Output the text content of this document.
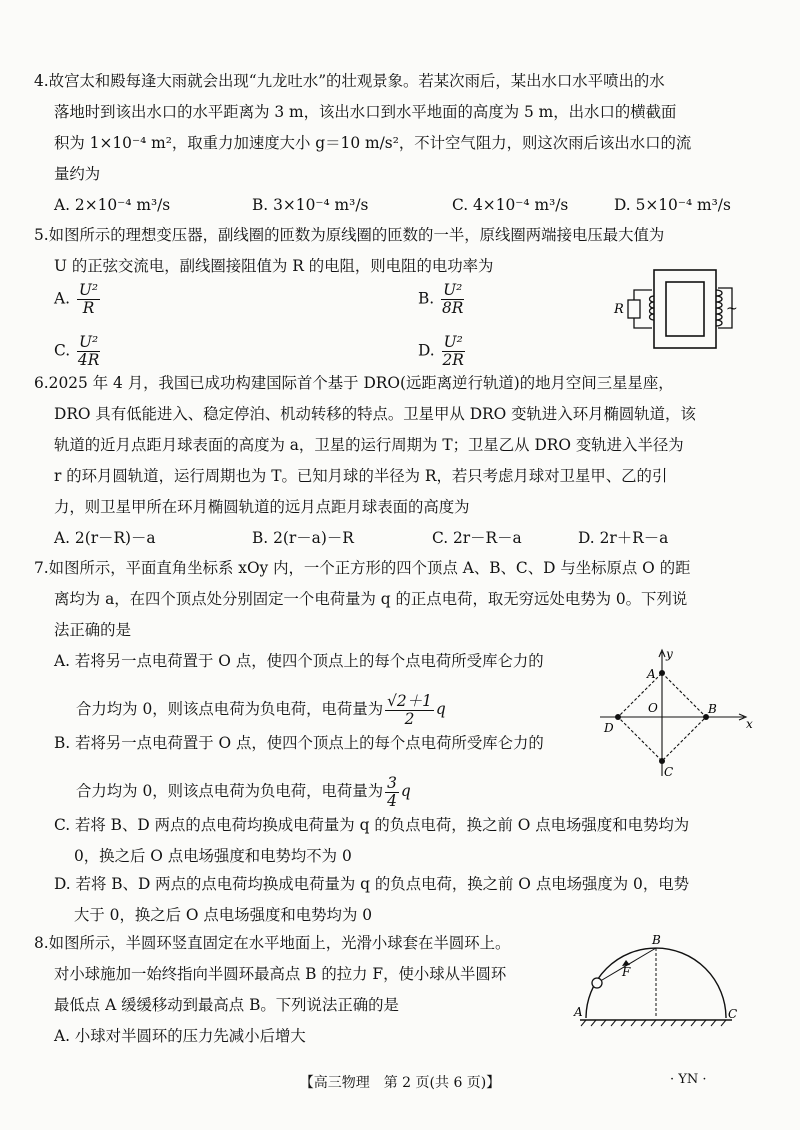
4.故宫太和殿每逢大雨就会出现“九龙吐水”的壮观景象。若某次雨后，某出水口水平喷出的水

落地时到该出水口的水平距离为 3 m，该出水口到水平地面的高度为 5 m，出水口的横截面

积为 1×10⁻⁴ m²，取重力加速度大小 g＝10 m/s²，不计空气阻力，则这次雨后该出水口的流

量约为

A. 2×10⁻⁴ m³/s	B. 3×10⁻⁴ m³/s	C. 4×10⁻⁴ m³/s	D. 5×10⁻⁴ m³/s

5.如图所示的理想变压器，副线圈的匝数为原线圈的匝数的一半，原线圈两端接电压最大值为

U 的正弦交流电，副线圈接阻值为 R 的电阻，则电阻的电功率为

A. $\frac{\text{U²}}{R}$	B. $\frac{\text{U²}}{8R}$
C. $\frac{\text{U²}}{4R}$	D. $\frac{\text{U²}}{2R}$
R	~

6.2025 年 4 月，我国已成功构建国际首个基于 DRO(远距离逆行轨道)的地月空间三星星座，

DRO 具有低能进入、稳定停泊、机动转移的特点。卫星甲从 DRO 变轨进入环月椭圆轨道，该

轨道的近月点距月球表面的高度为 a，卫星的运行周期为 T；卫星乙从 DRO 变轨进入半径为

r 的环月圆轨道，运行周期也为 T。已知月球的半径为 R，若只考虑月球对卫星甲、乙的引

力，则卫星甲所在环月椭圆轨道的远月点距月球表面的高度为

A. 2(r－R)－a	B. 2(r－a)－R	C. 2r－R－a	D. 2r＋R－a

7.如图所示，平面直角坐标系 xOy 内，一个正方形的四个顶点 A、B、C、D 与坐标原点 O 的距

离均为 a，在四个顶点处分别固定一个电荷量为 q 的正点电荷，取无穷远处电势为 0。下列说

法正确的是

A. 若将另一点电荷置于 O 点，使四个顶点上的每个点电荷所受库仑力的

合力均为 0，则该点电荷为负电荷，电荷量为 $\frac{√2+1}{2}$ q

B. 若将另一点电荷置于 O 点，使四个顶点上的每个点电荷所受库仑力的

合力均为 0，则该点电荷为负电荷，电荷量为 $\frac{3}{4}$ q

C. 若将 B、D 两点的点电荷均换成电荷量为 q 的负点电荷，换之前 O 点电场强度和电势均为

0，换之后 O 点电场强度和电势均不为 0

D. 若将 B、D 两点的点电荷均换成电荷量为 q 的负点电荷，换之前 O 点电场强度为 0，电势

大于 0，换之后 O 点电场强度和电势均为 0

y
x
A
B
C
D
O

8.如图所示，半圆环竖直固定在水平地面上，光滑小球套在半圆环上。

对小球施加一始终指向半圆环最高点 B 的拉力 F，使小球从半圆环

最低点 A 缓缓移动到最高点 B。下列说法正确的是

A. 小球对半圆环的压力先减小后增大

B
A	C
F
【高三物理　第 2 页(共 6 页)】	· YN ·
